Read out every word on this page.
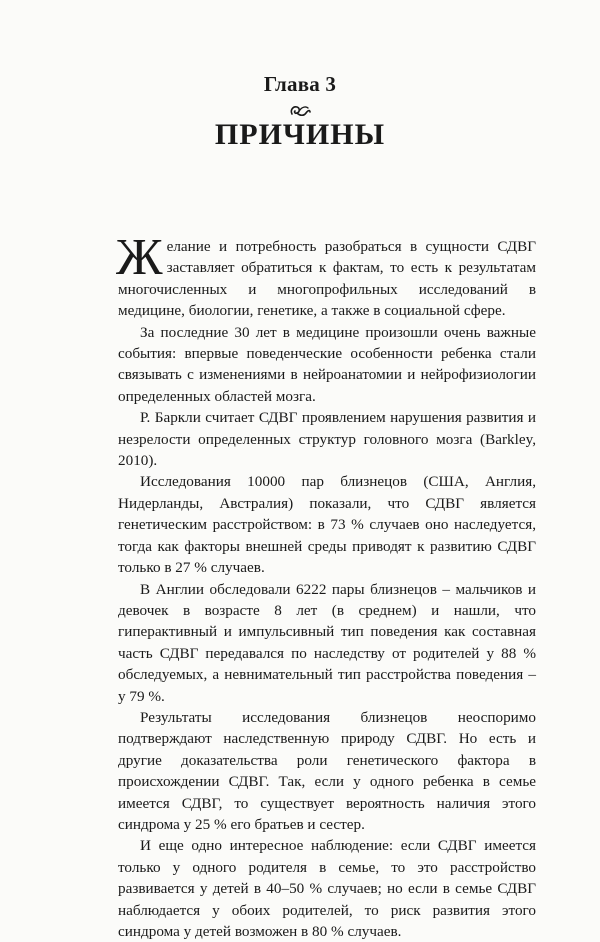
Глава 3
ПРИЧИНЫ

Желание и потребность разобраться в сущности СДВГ заставляет обратиться к фактам, то есть к результатам многочисленных и многопрофильных исследований в медицине, биологии, генетике, а также в социальной сфере.

За последние 30 лет в медицине произошли очень важные события: впервые поведенческие особенности ребенка стали связывать с изменениями в нейроанатомии и нейрофизиологии определенных областей мозга.

Р. Баркли считает СДВГ проявлением нарушения развития и незрелости определенных структур головного мозга (Barkley, 2010).

Исследования 10000 пар близнецов (США, Англия, Нидерланды, Австралия) показали, что СДВГ является генетическим расстройством: в 73 % случаев оно наследуется, тогда как факторы внешней среды приводят к развитию СДВГ только в 27 % случаев.

В Англии обследовали 6222 пары близнецов – мальчиков и девочек в возрасте 8 лет (в среднем) и нашли, что гиперактивный и импульсивный тип поведения как составная часть СДВГ передавался по наследству от родителей у 88 % обследуемых, а невнимательный тип расстройства поведения – у 79 %.

Результаты исследования близнецов неоспоримо подтверждают наследственную природу СДВГ. Но есть и другие доказательства роли генетического фактора в происхождении СДВГ. Так, если у одного ребенка в семье имеется СДВГ, то существует вероятность наличия этого синдрома у 25 % его братьев и сестер.

И еще одно интересное наблюдение: если СДВГ имеется только у одного родителя в семье, то это расстройство развивается у детей в 40–50 % случаев; но если в семье СДВГ наблюдается у обоих родителей, то риск развития этого синдрома у детей возможен в 80 % случаев.
